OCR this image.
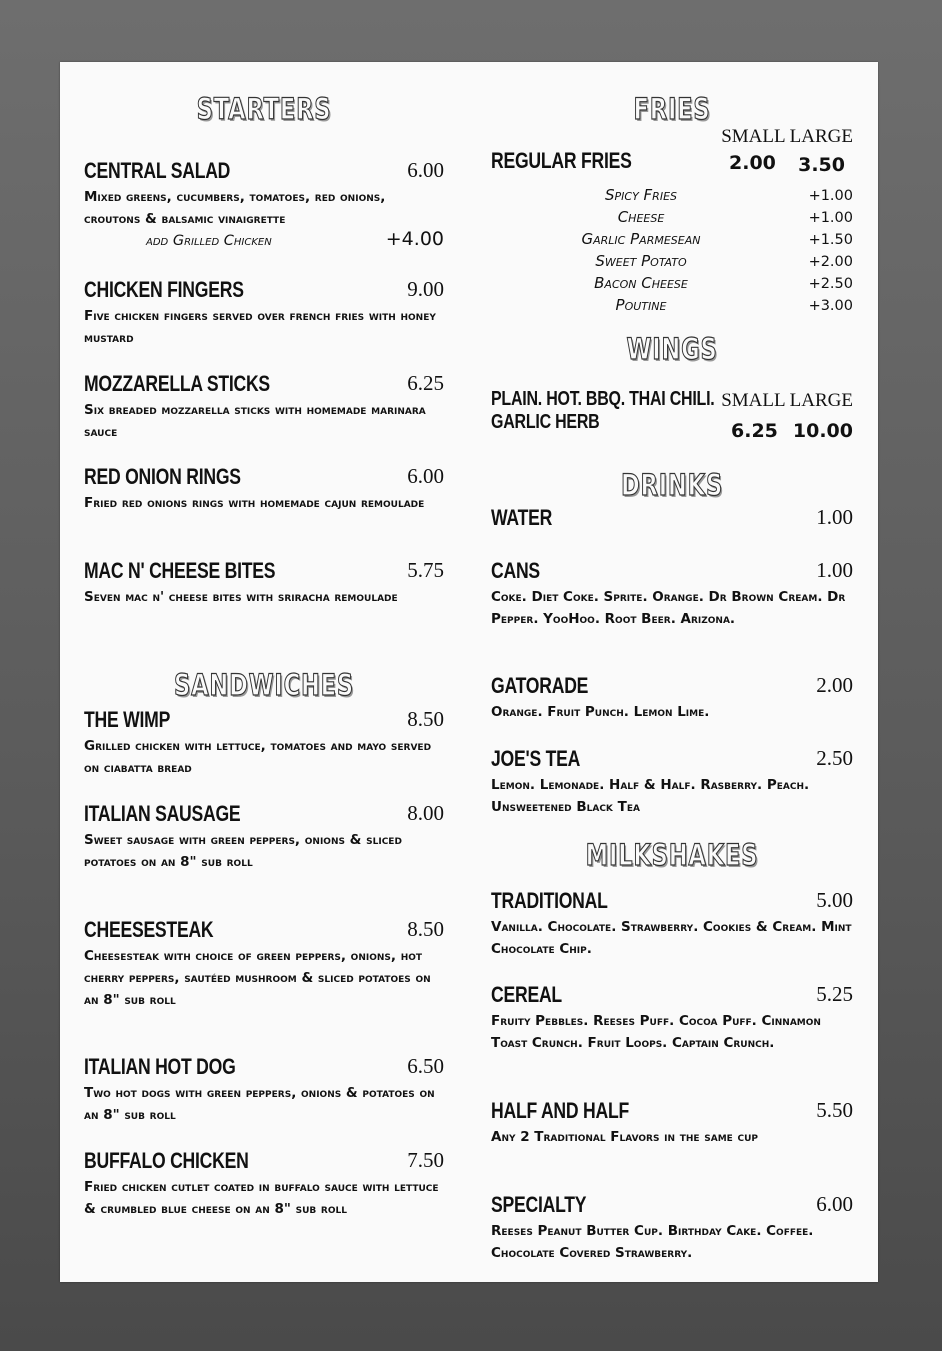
STARTERS
CENTRAL SALAD	6.00
Mixed greens, cucumbers, tomatoes, red onions, croutons & balsamic vinaigrette
add Grilled Chicken	+4.00
CHICKEN FINGERS	9.00
Five chicken fingers served over french fries with honey mustard
MOZZARELLA STICKS	6.25
Six breaded mozzarella sticks with homemade marinara sauce
RED ONION RINGS	6.00
Fried red onions rings with homemade cajun remoulade
MAC N' CHEESE BITES	5.75
Seven mac n' cheese bites with sriracha remoulade
SANDWICHES
THE WIMP	8.50
Grilled chicken with lettuce, tomatoes and mayo served on ciabatta bread
ITALIAN SAUSAGE	8.00
Sweet sausage with green peppers, onions & sliced potatoes on an 8" sub roll
CHEESESTEAK	8.50
Cheesesteak with choice of green peppers, onions, hot cherry peppers, sautéed mushroom & sliced potatoes on an 8" sub roll
ITALIAN HOT DOG	6.50
Two hot dogs with green peppers, onions & potatoes on an 8" sub roll
BUFFALO CHICKEN	7.50
Fried chicken cutlet coated in buffalo sauce with lettuce & crumbled blue cheese on an 8" sub roll
FRIES
SMALL LARGE
REGULAR FRIES	2.00 3.50
Spicy Fries	+1.00
Cheese	+1.00
Garlic Parmesean	+1.50
Sweet Potato	+2.00
Bacon Cheese	+2.50
Poutine	+3.00
WINGS
PLAIN. HOT. BBQ. THAI CHILI.
GARLIC HERB
SMALL LARGE
6.25 10.00
DRINKS
WATER	1.00
CANS	1.00
Coke. Diet Coke. Sprite. Orange. Dr Brown Cream. Dr Pepper. YooHoo. Root Beer. Arizona.
GATORADE	2.00
Orange. Fruit Punch. Lemon Lime.
JOE'S TEA	2.50
Lemon. Lemonade. Half & Half. Rasberry. Peach. Unsweetened Black Tea
MILKSHAKES
TRADITIONAL	5.00
Vanilla. Chocolate. Strawberry. Cookies & Cream. Mint Chocolate Chip.
CEREAL	5.25
Fruity Pebbles. Reeses Puff. Cocoa Puff. Cinnamon Toast Crunch. Fruit Loops. Captain Crunch.
HALF AND HALF	5.50
Any 2 Traditional Flavors in the same cup
SPECIALTY	6.00
Reeses Peanut Butter Cup. Birthday Cake. Coffee. Chocolate Covered Strawberry.
